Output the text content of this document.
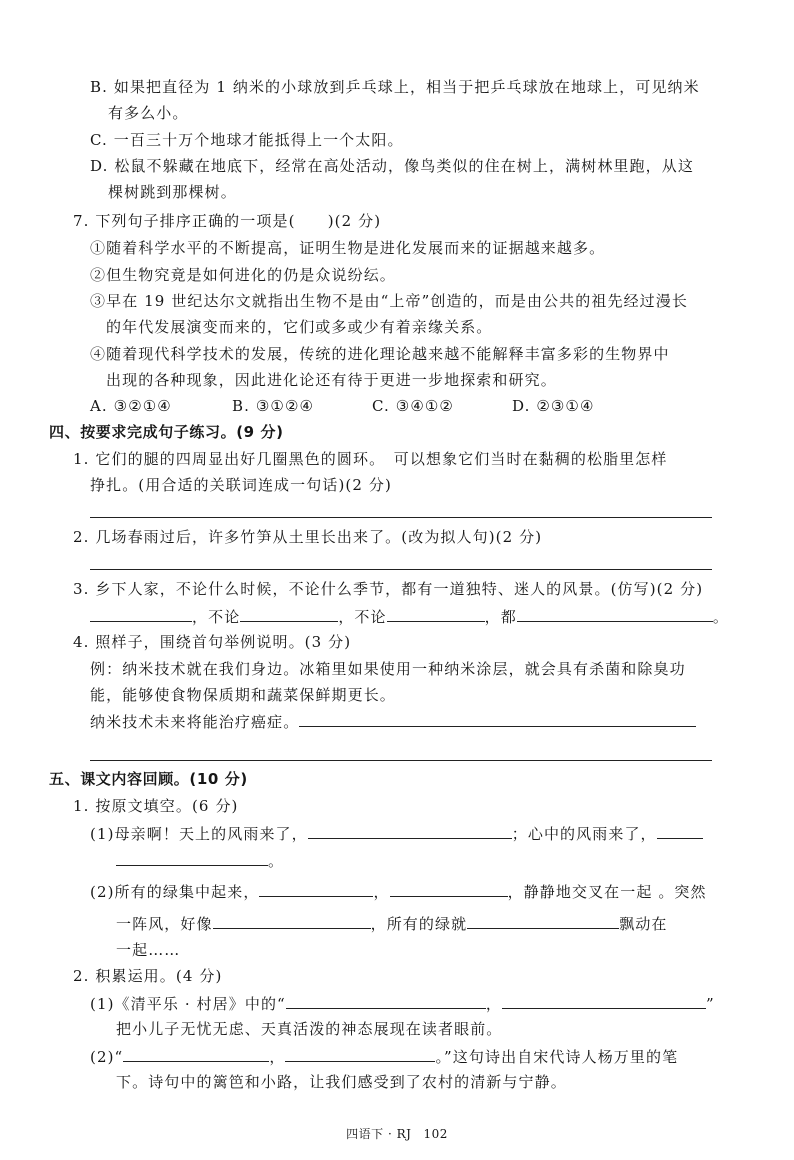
B. 如果把直径为 1 纳米的小球放到乒乓球上，相当于把乒乓球放在地球上，可见纳米
有多么小。
C. 一百三十万个地球才能抵得上一个太阳。
D. 松鼠不躲藏在地底下，经常在高处活动，像鸟类似的住在树上，满树林里跑，从这
棵树跳到那棵树。
7. 下列句子排序正确的一项是(　　)(2 分)
①随着科学水平的不断提高，证明生物是进化发展而来的证据越来越多。
②但生物究竟是如何进化的仍是众说纷纭。
③早在 19 世纪达尔文就指出生物不是由“上帝”创造的，而是由公共的祖先经过漫长
的年代发展演变而来的，它们或多或少有着亲缘关系。
④随着现代科学技术的发展，传统的进化理论越来越不能解释丰富多彩的生物界中
出现的各种现象，因此进化论还有待于更进一步地探索和研究。
A. ③②①④	B. ③①②④	C. ③④①②	D. ②③①④
四、按要求完成句子练习。(9 分)
1. 它们的腿的四周显出好几圈黑色的圆环。　可以想象它们当时在黏稠的松脂里怎样
挣扎。(用合适的关联词连成一句话)(2 分)
2. 几场春雨过后，许多竹笋从土里长出来了。(改为拟人句)(2 分)
3. 乡下人家，不论什么时候，不论什么季节，都有一道独特、迷人的风景。(仿写)(2 分)
，不论	，不论	，都	。
4. 照样子，围绕首句举例说明。(3 分)
例：纳米技术就在我们身边。冰箱里如果使用一种纳米涂层，就会具有杀菌和除臭功
能，能够使食物保质期和蔬菜保鲜期更长。
纳米技术未来将能治疗癌症。
五、课文内容回顾。(10 分)
1. 按原文填空。(6 分)
(1)母亲啊！天上的风雨来了，	；心中的风雨来了，
。
(2)所有的绿集中起来，	，	，静静地交叉在一起 。突然
一阵风，好像	，所有的绿就	飘动在
一起……
2. 积累运用。(4 分)
(1)《清平乐 · 村居》中的“	，	”
把小儿子无忧无虑、天真活泼的神态展现在读者眼前。
(2)“	，	。”这句诗出自宋代诗人杨万里的笔
下。诗句中的篱笆和小路，让我们感受到了农村的清新与宁静。
四语下 · RJ 102
